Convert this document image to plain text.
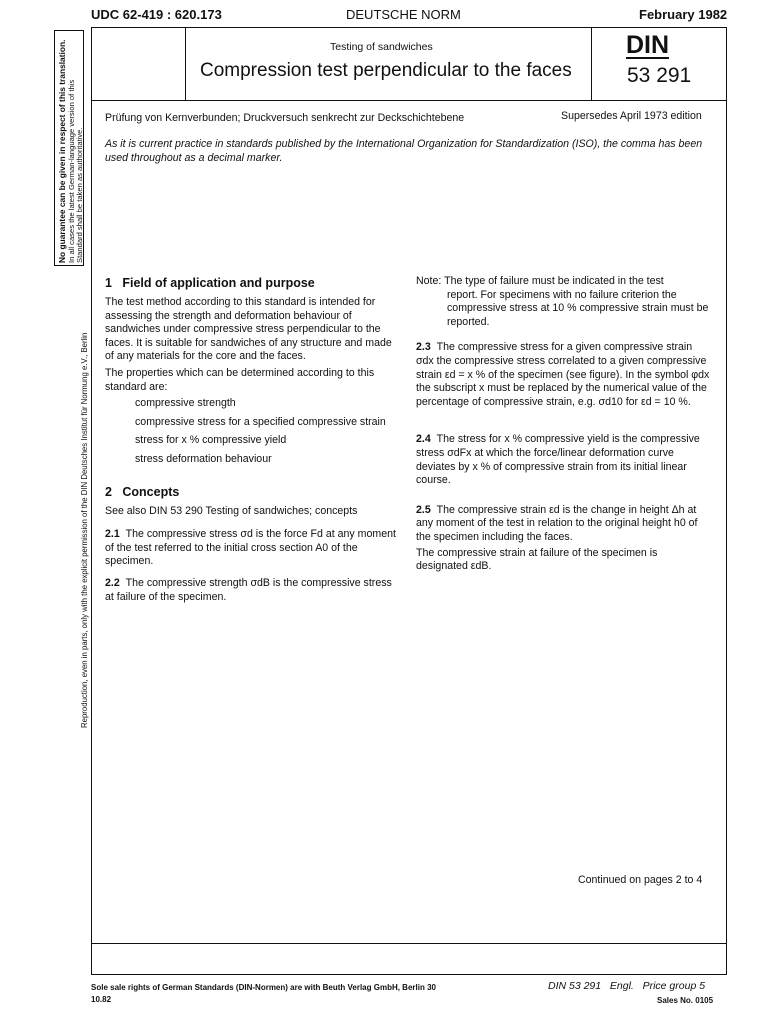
UDC 62-419 : 620.173	DEUTSCHE NORM	February 1982
No guarantee can be given in respect of this translation. In all cases the latest German-language version of this Standard shall be taken as authoritative.
Reproduction, even in parts, only with the explicit permission of the DIN Deutsches Institut für Normung e.V., Berlin
Testing of sandwiches
Compression test perpendicular to the faces
DIN
53 291
Prüfung von Kernverbunden; Druckversuch senkrecht zur Deckschichtebene	Supersedes April 1973 edition
As it is current practice in standards published by the International Organization for Standardization (ISO), the comma has been used throughout as a decimal marker.
1 Field of application and purpose
The test method according to this standard is intended for assessing the strength and deformation behaviour of sandwiches under compressive stress perpendicular to the faces. It is suitable for sandwiches of any structure and made of any materials for the core and the faces.
The properties which can be determined according to this standard are:
compressive strength
compressive stress for a specified compressive strain
stress for x % compressive yield
stress deformation behaviour
2 Concepts
See also DIN 53 290 Testing of sandwiches; concepts
2.1 The compressive stress σd is the force Fd at any moment of the test referred to the initial cross section A0 of the specimen.
2.2 The compressive strength σdB is the compressive stress at failure of the specimen.
Note: The type of failure must be indicated in the test
report. For specimens with no failure criterion the compressive stress at 10 % compressive strain must be reported.
2.3 The compressive stress for a given compressive strain σdx the compressive stress correlated to a given compressive strain εd = x % of the specimen (see figure). In the symbol φdx the subscript x must be replaced by the numerical value of the percentage of compressive strain, e.g. σd10 for εd = 10 %.
2.4 The stress for x % compressive yield is the compressive stress σdFx at which the force/linear deformation curve deviates by x % of compressive strain from its initial linear course.
2.5 The compressive strain εd is the change in height Δh at any moment of the test in relation to the original height h0 of the specimen including the faces.
The compressive strain at failure of the specimen is designated εdB.
Continued on pages 2 to 4
Sole sale rights of German Standards (DIN-Normen) are with Beuth Verlag GmbH, Berlin 30
10.82
DIN 53 291 Engl. Price group 5
Sales No. 0105
